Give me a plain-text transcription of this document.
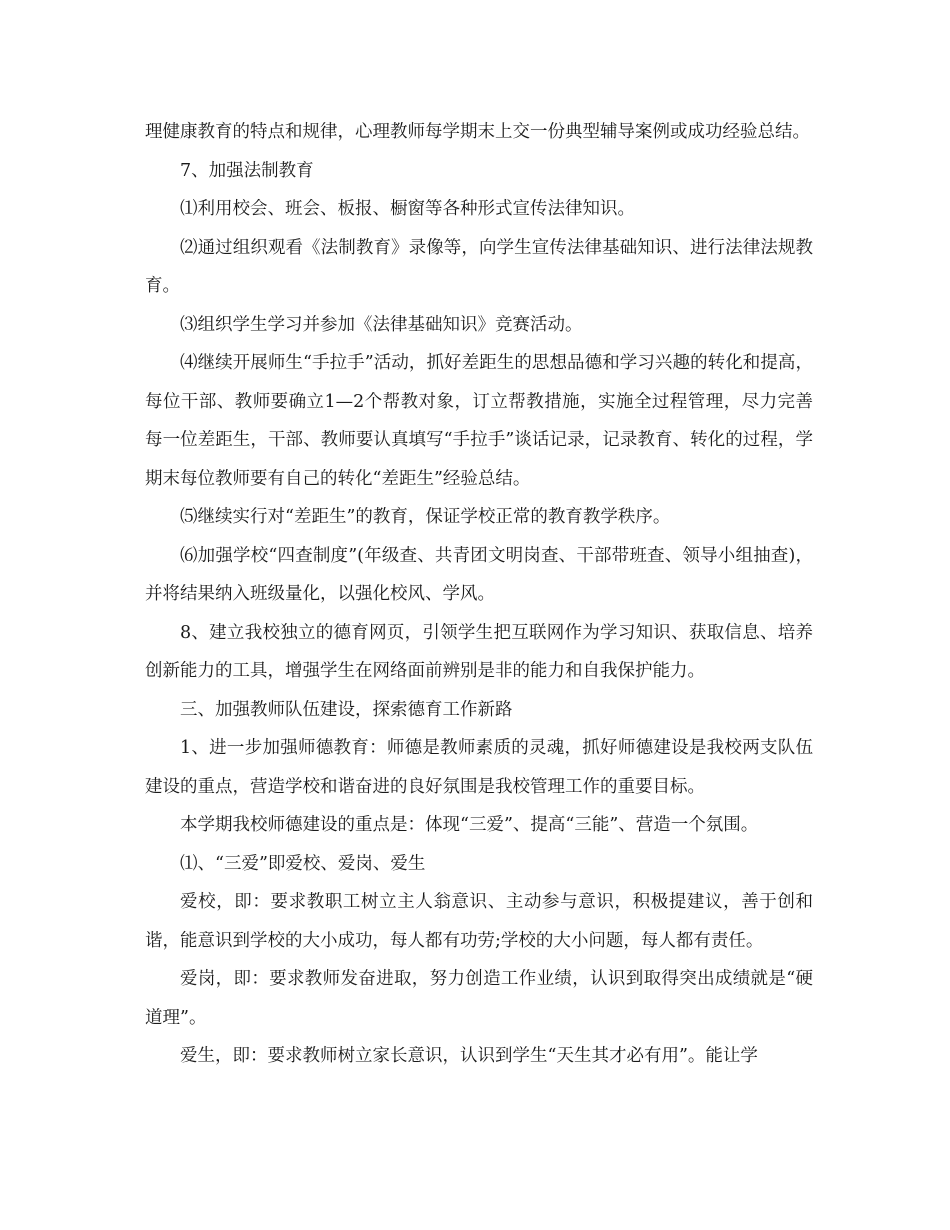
理健康教育的特点和规律，心理教师每学期末上交一份典型辅导案例或成功经验总结。

7、加强法制教育

⑴利用校会、班会、板报、橱窗等各种形式宣传法律知识。

⑵通过组织观看《法制教育》录像等，向学生宣传法律基础知识、进行法律法规教育。

⑶组织学生学习并参加《法律基础知识》竞赛活动。

⑷继续开展师生“手拉手”活动，抓好差距生的思想品德和学习兴趣的转化和提高，每位干部、教师要确立1—2个帮教对象，订立帮教措施，实施全过程管理，尽力完善每一位差距生，干部、教师要认真填写“手拉手”谈话记录，记录教育、转化的过程，学期末每位教师要有自己的转化“差距生”经验总结。

⑸继续实行对“差距生”的教育，保证学校正常的教育教学秩序。

⑹加强学校“四查制度”(年级查、共青团文明岗查、干部带班查、领导小组抽查)，并将结果纳入班级量化，以强化校风、学风。

8、建立我校独立的德育网页，引领学生把互联网作为学习知识、获取信息、培养创新能力的工具，增强学生在网络面前辨别是非的能力和自我保护能力。

三、加强教师队伍建设，探索德育工作新路

1、进一步加强师德教育：师德是教师素质的灵魂，抓好师德建设是我校两支队伍建设的重点，营造学校和谐奋进的良好氛围是我校管理工作的重要目标。

本学期我校师德建设的重点是：体现“三爱”、提高“三能”、营造一个氛围。

⑴、“三爱”即爱校、爱岗、爱生

爱校，即：要求教职工树立主人翁意识、主动参与意识，积极提建议，善于创和谐，能意识到学校的大小成功，每人都有功劳;学校的大小问题，每人都有责任。

爱岗，即：要求教师发奋进取，努力创造工作业绩，认识到取得突出成绩就是“硬道理”。

爱生，即：要求教师树立家长意识，认识到学生“天生其才必有用”。能让学
